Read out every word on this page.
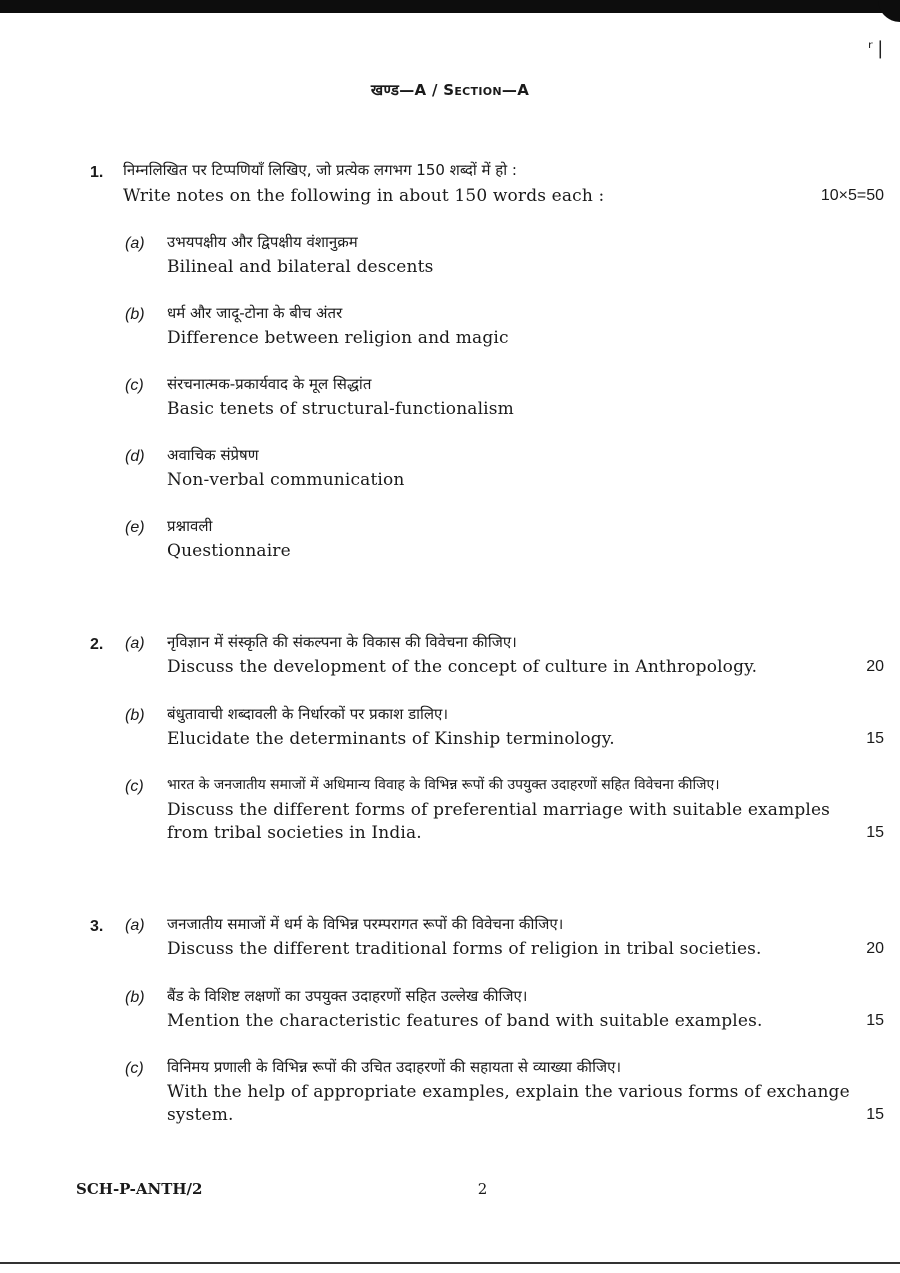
ʳ❘
खण्ड—A / Section—A
1. निम्नलिखित पर टिप्पणियाँ लिखिए, जो प्रत्येक लगभग 150 शब्दों में हो :
Write notes on the following in about 150 words each :	10×5=50
(a) उभयपक्षीय और द्विपक्षीय वंशानुक्रम
Bilineal and bilateral descents
(b) धर्म और जादू-टोना के बीच अंतर
Difference between religion and magic
(c) संरचनात्मक-प्रकार्यवाद के मूल सिद्धांत
Basic tenets of structural-functionalism
(d) अवाचिक संप्रेषण
Non-verbal communication
(e) प्रश्नावली
Questionnaire
2. (a) नृविज्ञान में संस्कृति की संकल्पना के विकास की विवेचना कीजिए।
Discuss the development of the concept of culture in Anthropology.	20
(b) बंधुतावाची शब्दावली के निर्धारकों पर प्रकाश डालिए।
Elucidate the determinants of Kinship terminology.	15
(c) भारत के जनजातीय समाजों में अधिमान्य विवाह के विभिन्न रूपों की उपयुक्त उदाहरणों सहित विवेचना कीजिए।
Discuss the different forms of preferential marriage with suitable examples
from tribal societies in India.	15
3. (a) जनजातीय समाजों में धर्म के विभिन्न परम्परागत रूपों की विवेचना कीजिए।
Discuss the different traditional forms of religion in tribal societies.	20
(b) बैंड के विशिष्ट लक्षणों का उपयुक्त उदाहरणों सहित उल्लेख कीजिए।
Mention the characteristic features of band with suitable examples.	15
(c) विनिमय प्रणाली के विभिन्न रूपों की उचित उदाहरणों की सहायता से व्याख्या कीजिए।
With the help of appropriate examples, explain the various forms of exchange
system.	15
SCH-P-ANTH/2	2
